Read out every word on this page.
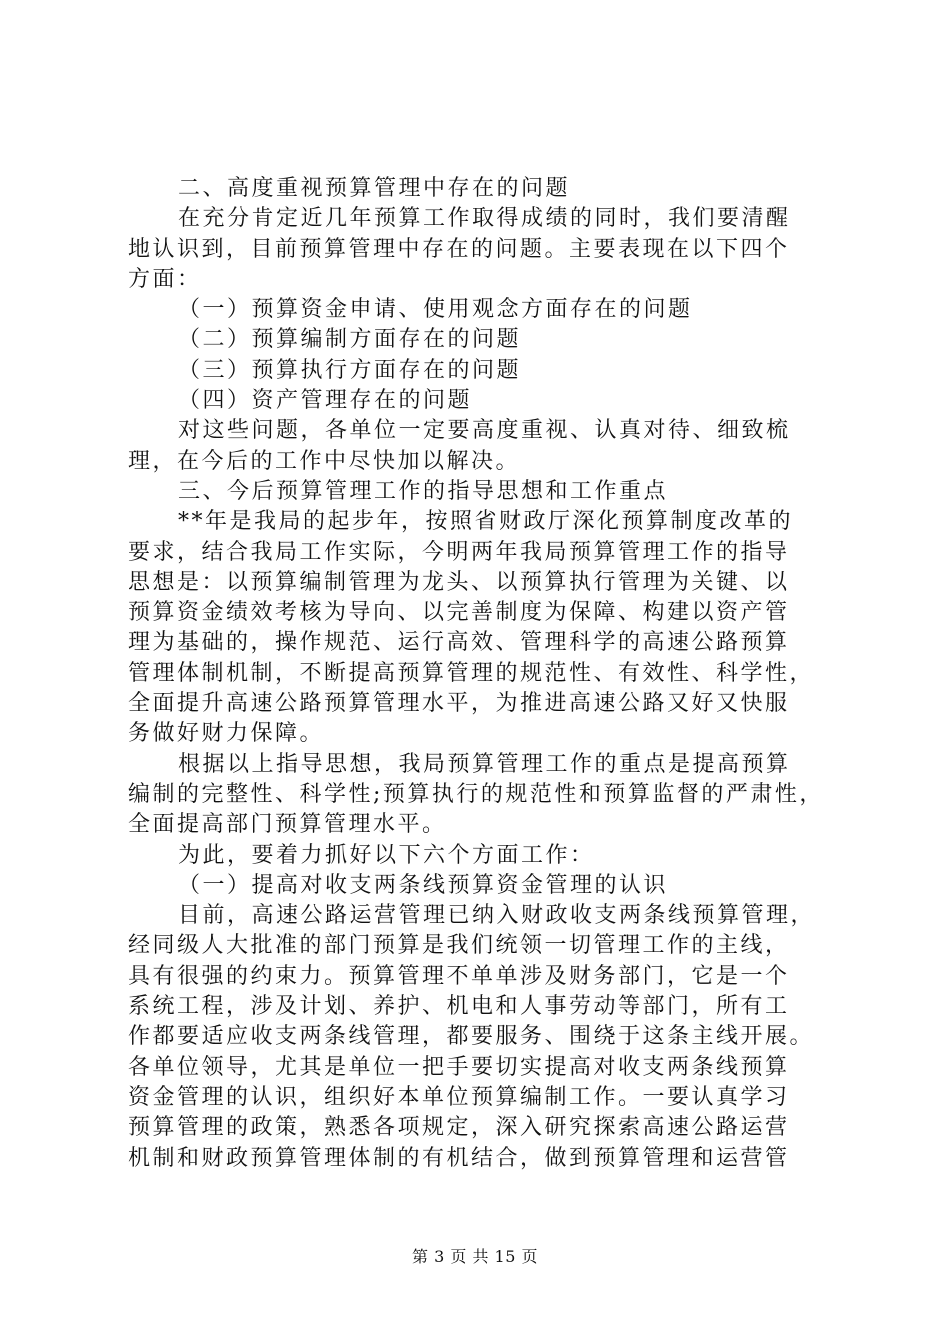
二、高度重视预算管理中存在的问题
在充分肯定近几年预算工作取得成绩的同时，我们要清醒
地认识到，目前预算管理中存在的问题。主要表现在以下四个
方面：
（一）预算资金申请、使用观念方面存在的问题
（二）预算编制方面存在的问题
（三）预算执行方面存在的问题
（四）资产管理存在的问题
对这些问题，各单位一定要高度重视、认真对待、细致梳
理，在今后的工作中尽快加以解决。
三、今后预算管理工作的指导思想和工作重点
**年是我局的起步年，按照省财政厅深化预算制度改革的
要求，结合我局工作实际，今明两年我局预算管理工作的指导
思想是：以预算编制管理为龙头、以预算执行管理为关键、以
预算资金绩效考核为导向、以完善制度为保障、构建以资产管
理为基础的，操作规范、运行高效、管理科学的高速公路预算
管理体制机制，不断提高预算管理的规范性、有效性、科学性，
全面提升高速公路预算管理水平，为推进高速公路又好又快服
务做好财力保障。
根据以上指导思想，我局预算管理工作的重点是提高预算
编制的完整性、科学性;预算执行的规范性和预算监督的严肃性，
全面提高部门预算管理水平。
为此，要着力抓好以下六个方面工作：
（一）提高对收支两条线预算资金管理的认识
目前，高速公路运营管理已纳入财政收支两条线预算管理，
经同级人大批准的部门预算是我们统领一切管理工作的主线，
具有很强的约束力。预算管理不单单涉及财务部门，它是一个
系统工程，涉及计划、养护、机电和人事劳动等部门，所有工
作都要适应收支两条线管理，都要服务、围绕于这条主线开展。
各单位领导，尤其是单位一把手要切实提高对收支两条线预算
资金管理的认识，组织好本单位预算编制工作。一要认真学习
预算管理的政策，熟悉各项规定，深入研究探索高速公路运营
机制和财政预算管理体制的有机结合，做到预算管理和运营管
第 3 页 共 15 页
